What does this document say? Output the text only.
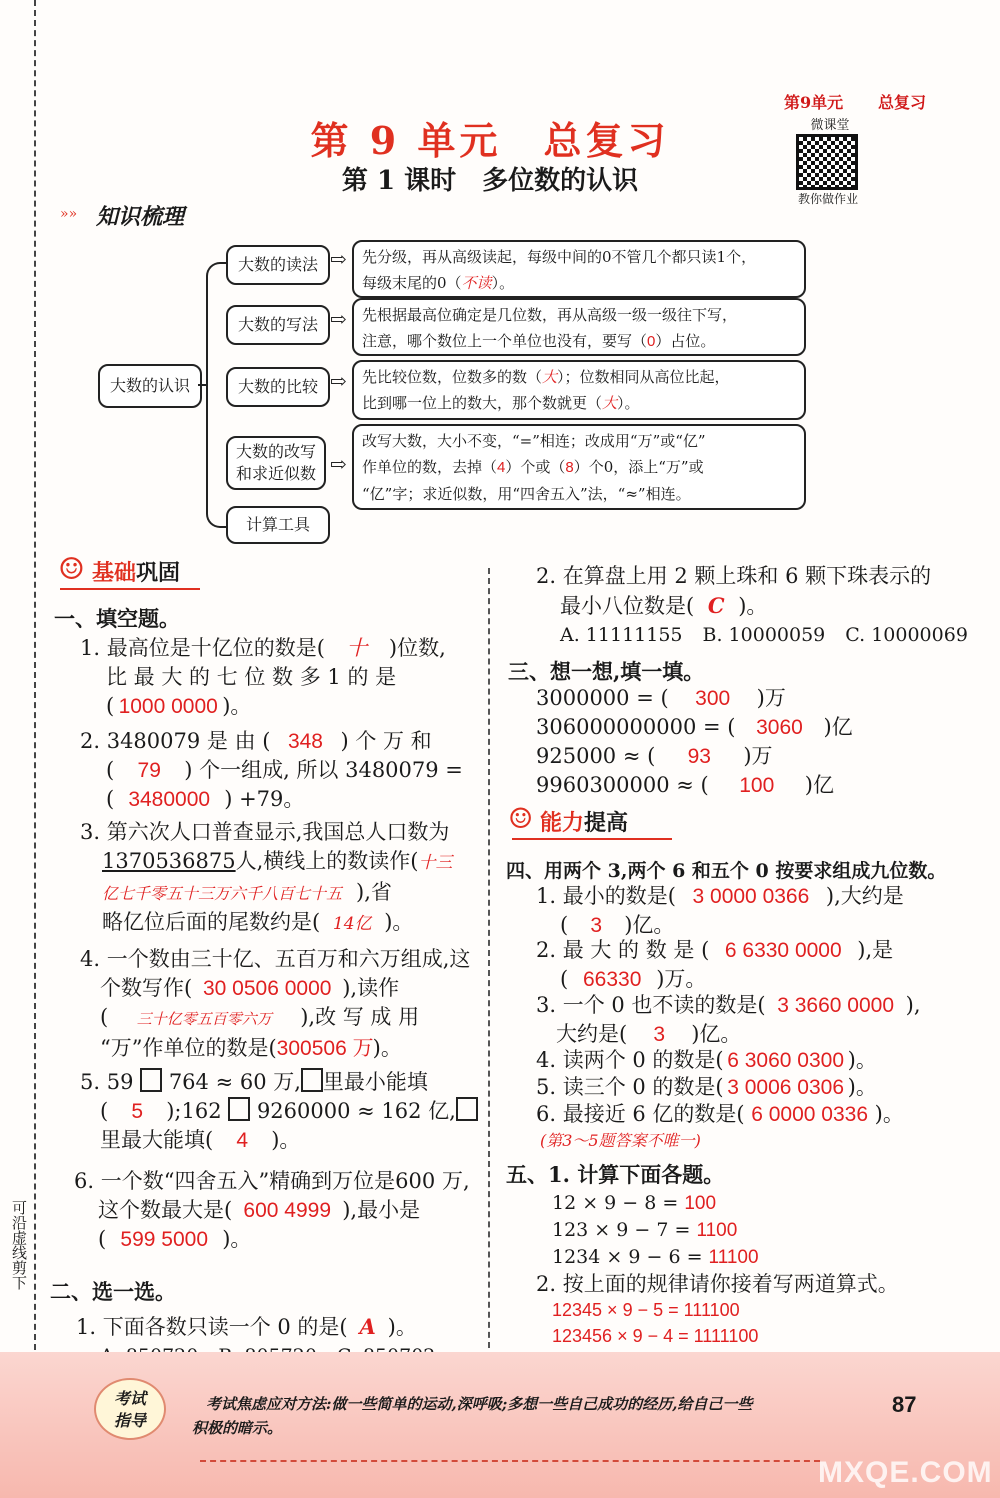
可沿虚线剪下
第9单元 总复习
第 9 单元　总复习
第 1 课时　多位数的认识
微课堂
教你做作业
知识梳理
»»
大数的认识
大数的读法 ⇨ 先分级，再从高级读起，每级中间的0不管几个都只读1个，
每级末尾的0（不读）。
大数的写法 ⇨ 先根据最高位确定是几位数，再从高级一级一级往下写，
注意，哪个数位上一个单位也没有，要写（0）占位。
大数的比较 ⇨ 先比较位数，位数多的数（大）；位数相同从高位比起，
比到哪一位上的数大，那个数就更（大）。
大数的改写和求近似数 ⇨
改写大数，大小不变，“=”相连；改成用“万”或“亿”
作单位的数，去掉（4）个或（8）个0，添上“万”或
“亿”字；求近似数，用“四舍五入”法，“≈”相连。
计算工具
☺ 基础巩固
一、填空题。
1. 最高位是十亿位的数是( 十 )位数,
比 最 大 的 七 位 数 多 1 的 是
( 1000 0000 )。
2. 3480079 是 由 ( 348 ) 个 万 和
( 79 ) 个一组成, 所以 3480079 =
( 3480000 ) +79。
3. 第六次人口普查显示,我国总人口数为
1370536875人,横线上的数读作(十三
亿七千零五十三万六千八百七十五 ),省
略亿位后面的尾数约是( 14亿 )。
4. 一个数由三十亿、五百万和六万组成,这
个数写作( 30 0506 0000 ),读作
( 三十亿零五百零六万 ),改 写 成 用
“万”作单位的数是(300506 万)。
5. 59 764 ≈ 60 万, 里最小能填
( 5 );162 9260000 ≈ 162 亿,
里最大能填( 4 )。
6. 一个数“四舍五入”精确到万位是600 万,
这个数最大是( 600 4999 ),最小是
( 599 5000 )。
二、选一选。
1. 下面各数只读一个 0 的是( A )。
2. 在算盘上用 2 颗上珠和 6 颗下珠表示的
最小八位数是( C )。
A. 11111155 B. 10000059 C. 10000069
三、想一想,填一填。
3000000 = ( 300 )万
306000000000 = ( 3060 )亿
925000 ≈ ( 93 )万
9960300000 ≈ ( 100 )亿
☺ 能力提高
四、用两个 3,两个 6 和五个 0 按要求组成九位数。
1. 最小的数是( 3 0000 0366 ),大约是
( 3 )亿。
2. 最 大 的 数 是 ( 6 6330 0000 ),是
( 66330 )万。
3. 一个 0 也不读的数是( 3 3660 0000 ),
大约是( 3 )亿。
4. 读两个 0 的数是( 6 3060 0300 )。
5. 读三个 0 的数是( 3 0006 0306 )。
6. 最接近 6 亿的数是( 6 0000 0336 )。
(第3～5题答案不唯一)
五、1. 计算下面各题。
12 × 9 − 8 = 100
123 × 9 − 7 = 1100
1234 × 9 − 6 = 11100
2. 按上面的规律请你接着写两道算式。
12345 × 9 − 5 = 111100
123456 × 9 − 4 = 1111100
考试
指导
考试焦虑应对方法:做一些简单的运动,深呼吸;多想一些自己成功的经历,给自己一些
积极的暗示。
87
MXQE.COM
